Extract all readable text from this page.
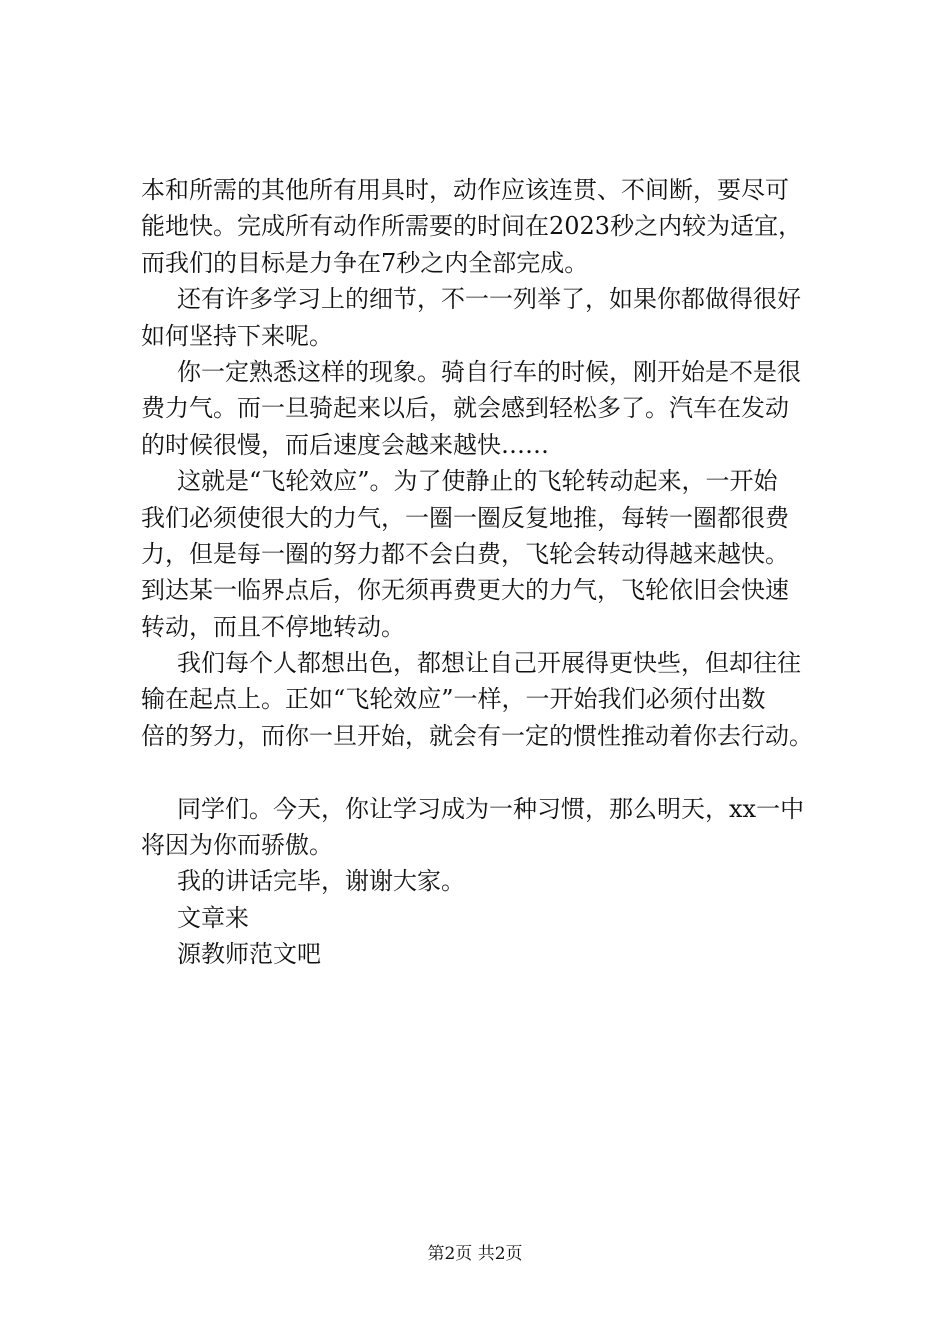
本和所需的其他所有用具时，动作应该连贯、不间断，要尽可
能地快。完成所有动作所需要的时间在2023秒之内较为适宜，
而我们的目标是力争在7秒之内全部完成。
还有许多学习上的细节，不一一列举了，如果你都做得很好
如何坚持下来呢。
你一定熟悉这样的现象。骑自行车的时候，刚开始是不是很
费力气。而一旦骑起来以后，就会感到轻松多了。汽车在发动
的时候很慢，而后速度会越来越快……
这就是“飞轮效应”。为了使静止的飞轮转动起来，一开始
我们必须使很大的力气，一圈一圈反复地推，每转一圈都很费
力，但是每一圈的努力都不会白费，飞轮会转动得越来越快。
到达某一临界点后，你无须再费更大的力气，飞轮依旧会快速
转动，而且不停地转动。
我们每个人都想出色，都想让自己开展得更快些，但却往往
输在起点上。正如“飞轮效应”一样，一开始我们必须付出数
倍的努力，而你一旦开始，就会有一定的惯性推动着你去行动。
同学们。今天，你让学习成为一种习惯，那么明天，xx一中
将因为你而骄傲。
我的讲话完毕，谢谢大家。
文章来
源教师范文吧
第2页 共2页
